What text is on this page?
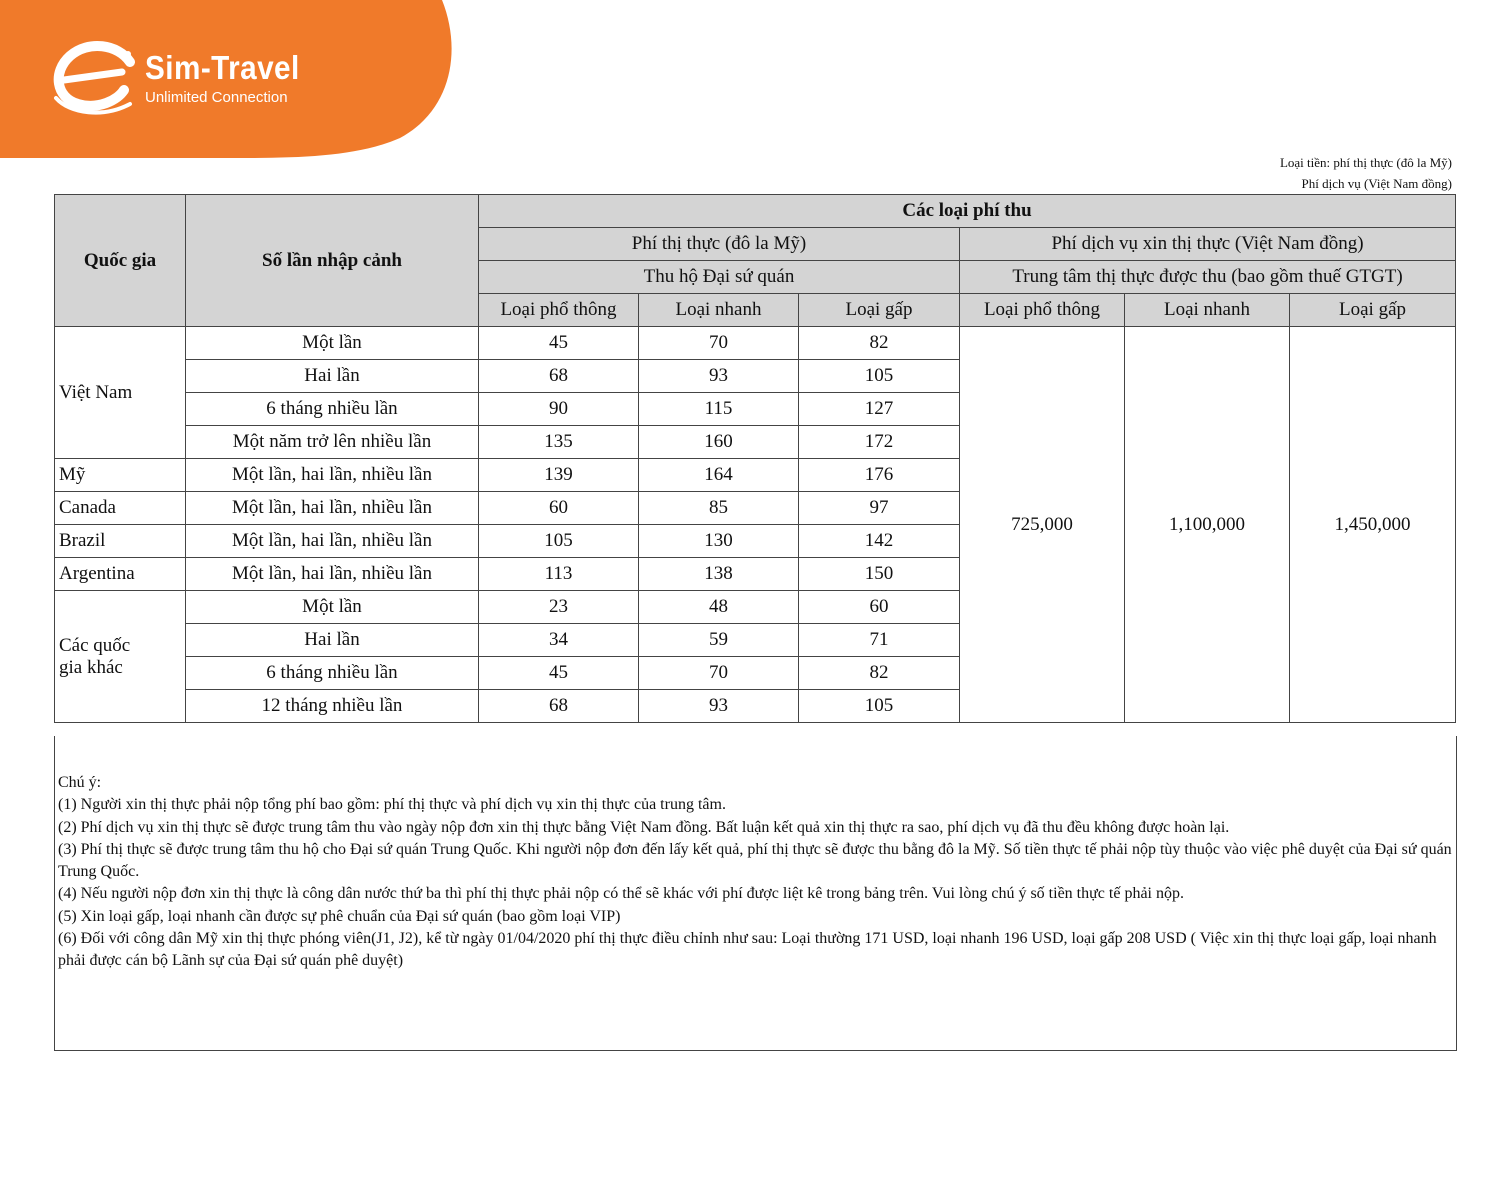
Sim-Travel
Unlimited Connection
Loại tiền: phí thị thực (đô la Mỹ)
Phí dịch vụ (Việt Nam đồng)
Quốc gia	Số lần nhập cảnh	Các loại phí thu					
		Phí thị thực (đô la Mỹ)			Phí dịch vụ xin thị thực (Việt Nam đồng)		
		Thu hộ Đại sứ quán			Trung tâm thị thực được thu (bao gồm thuế GTGT)		
		Loại phổ thông	Loại nhanh	Loại gấp	Loại phổ thông	Loại nhanh	Loại gấp
Việt Nam	Một lần	45	70	82	725,000	1,100,000	1,450,000
	Hai lần	68	93	105			
	6 tháng nhiều lần	90	115	127			
	Một năm trở lên nhiều lần	135	160	172			
Mỹ	Một lần, hai lần, nhiều lần	139	164	176			
Canada	Một lần, hai lần, nhiều lần	60	85	97			
Brazil	Một lần, hai lần, nhiều lần	105	130	142			
Argentina	Một lần, hai lần, nhiều lần	113	138	150			
Các quốc gia khác	Một lần	23	48	60			
	Hai lần	34	59	71			
	6 tháng nhiều lần	45	70	82			
	12 tháng nhiều lần	68	93	105			

Chú ý:

(1) Người xin thị thực phải nộp tổng phí bao gồm: phí thị thực và phí dịch vụ xin thị thực của trung tâm.

(2) Phí dịch vụ xin thị thực sẽ được trung tâm thu vào ngày nộp đơn xin thị thực bằng Việt Nam đồng. Bất luận kết quả xin thị thực ra sao, phí dịch vụ đã thu đều không được hoàn lại.

(3) Phí thị thực sẽ được trung tâm thu hộ cho Đại sứ quán Trung Quốc. Khi người nộp đơn đến lấy kết quả, phí thị thực sẽ được thu bằng đô la Mỹ. Số tiền thực tế phải nộp tùy thuộc vào việc phê duyệt của Đại sứ quán Trung Quốc.

(4) Nếu người nộp đơn xin thị thực là công dân nước thứ ba thì phí thị thực phải nộp có thể sẽ khác với phí được liệt kê trong bảng trên. Vui lòng chú ý số tiền thực tế phải nộp.

(5) Xin loại gấp, loại nhanh cần được sự phê chuẩn của Đại sứ quán (bao gồm loại VIP)

(6) Đối với công dân Mỹ xin thị thực phóng viên(J1, J2), kể từ ngày 01/04/2020 phí thị thực điều chỉnh như sau: Loại thường 171 USD, loại nhanh 196 USD, loại gấp 208 USD ( Việc xin thị thực loại gấp, loại nhanh phải được cán bộ Lãnh sự của Đại sứ quán phê duyệt)
